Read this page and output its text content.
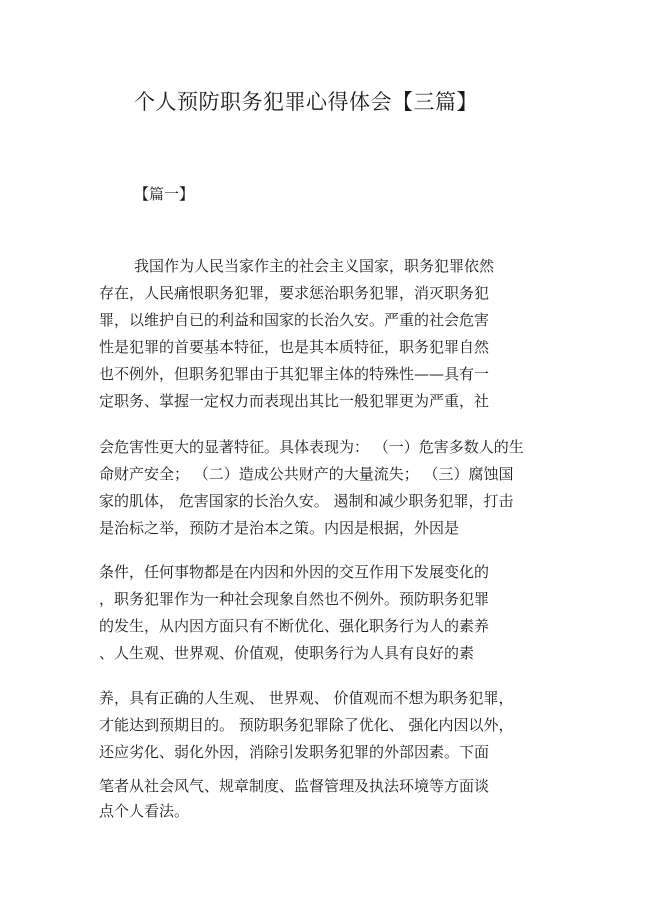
个人预防职务犯罪心得体会【三篇】
【篇一】
我国作为人民当家作主的社会主义国家，职务犯罪依然
存在，人民痛恨职务犯罪，要求惩治职务犯罪，消灭职务犯
罪，以维护自已的利益和国家的长治久安。严重的社会危害
性是犯罪的首要基本特征，也是其本质特征，职务犯罪自然
也不例外，但职务犯罪由于其犯罪主体的特殊性——具有一
定职务、掌握一定权力而表现出其比一般犯罪更为严重，社
会危害性更大的显著特征。具体表现为： （一）危害多数人的生
命财产安全； （二）造成公共财产的大量流失； （三）腐蚀国
家的肌体， 危害国家的长治久安。 遏制和减少职务犯罪，打击
是治标之举，预防才是治本之策。内因是根据，外因是
条件，任何事物都是在内因和外因的交互作用下发展变化的
，职务犯罪作为一种社会现象自然也不例外。预防职务犯罪
的发生，从内因方面只有不断优化、强化职务行为人的素养
、人生观、世界观、价值观，使职务行为人具有良好的素
养，具有正确的人生观、 世界观、 价值观而不想为职务犯罪，
才能达到预期目的。 预防职务犯罪除了优化、 强化内因以外，
还应劣化、弱化外因，消除引发职务犯罪的外部因素。下面
笔者从社会风气、规章制度、监督管理及执法环境等方面谈
点个人看法。
